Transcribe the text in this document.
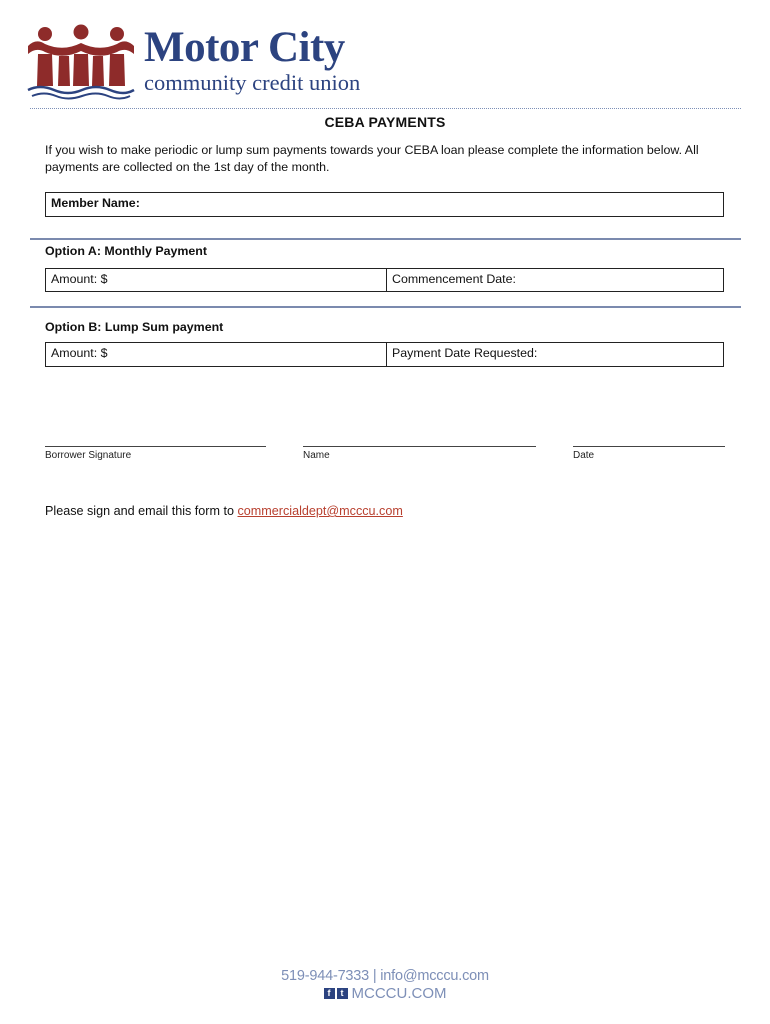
Motor City
community credit union
CEBA PAYMENTS
If you wish to make periodic or lump sum payments towards your CEBA loan please complete the information below. All payments are collected on the 1st day of the month.
Member Name:
Option A: Monthly Payment
Amount: $	Commencement Date:
Option B: Lump Sum payment
Amount: $	Payment Date Requested:
Borrower Signature	Name	Date
Please sign and email this form to commercialdept@mcccu.com
519-944-7333 | info@mcccu.com
f	t MCCCU.COM
